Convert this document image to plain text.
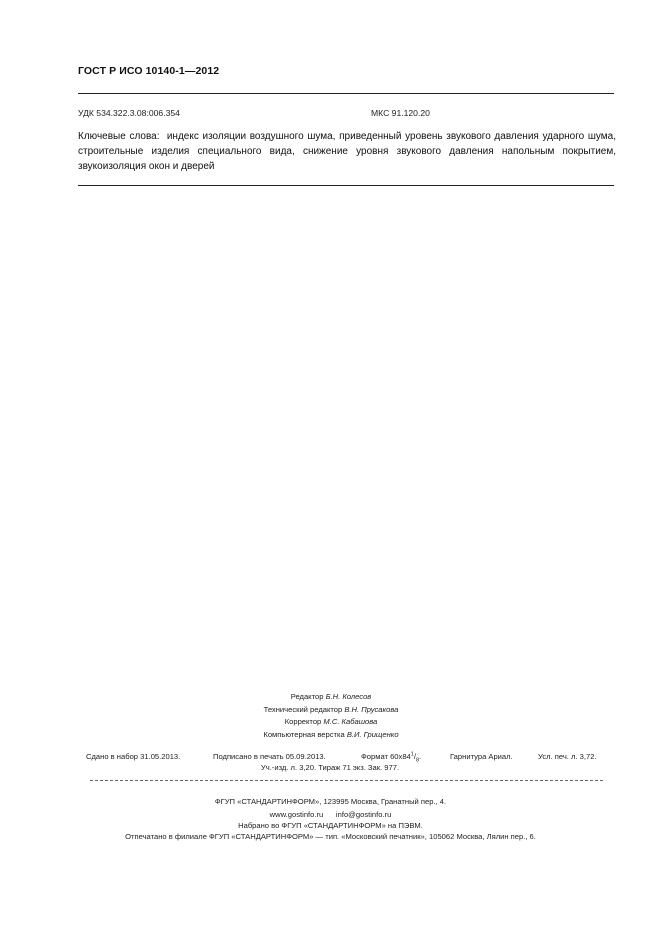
ГОСТ Р ИСО 10140-1—2012
УДК 534.322.3.08:006.354	МКС 91.120.20
Ключевые слова: индекс изоляции воздушного шума, приведенный уровень звукового давления ударного шума, строительные изделия специального вида, снижение уровня звукового давления напольным покрытием, звукоизоляция окон и дверей
Редактор Б.Н. Колесов
Технический редактор В.Н. Прусакова
Корректор М.С. Кабашова
Компьютерная верстка В.И. Грищенко
Сдано в набор 31.05.2013.	Подписано в печать 05.09.2013.	Формат $60x84^1/_8$.	Гарнитура Ариал.	Усл. печ. л. 3,72.
Уч.-изд. л. 3,20. Тираж 71 экз. Зак. 977.
ФГУП «СТАНДАРТИНФОРМ», 123995 Москва, Гранатный пер., 4.
www.gostinfo.ru info@gostinfo.ru
Набрано во ФГУП «СТАНДАРТИНФОРМ» на ПЭВМ.
Отпечатано в филиале ФГУП «СТАНДАРТИНФОРМ» — тип. «Московский печатник», 105062 Москва, Лялин пер., 6.
